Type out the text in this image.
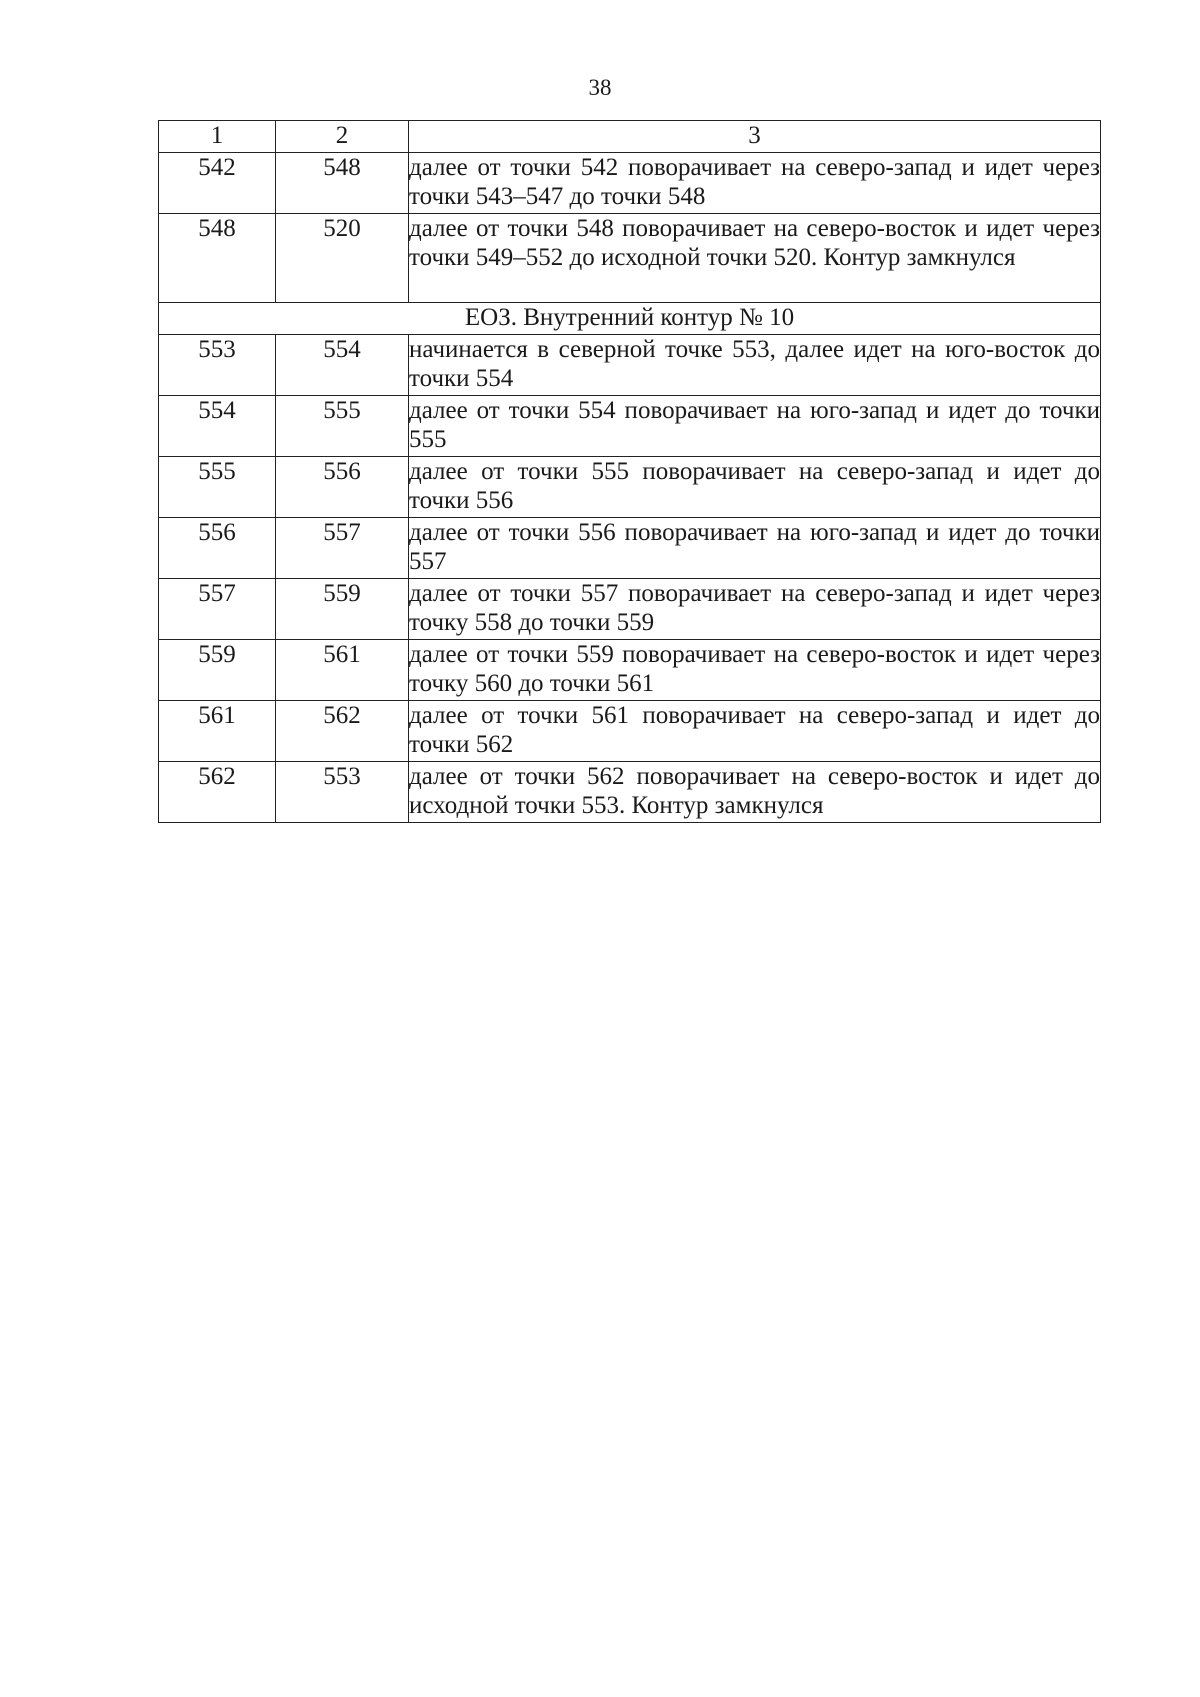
38
1	2	3
542	548	далее от точки 542 поворачивает на северо-запад и идет через точки 543–547 до точки 548
548	520	далее от точки 548 поворачивает на северо-восток и идет через точки 549–552 до исходной точки 520. Контур замкнулся
ЕОЗ. Внутренний контур № 10		
553	554	начинается в северной точке 553, далее идет на юго-восток до точки 554
554	555	далее от точки 554 поворачивает на юго-запад и идет до точки 555
555	556	далее от точки 555 поворачивает на северо-запад и идет до точки 556
556	557	далее от точки 556 поворачивает на юго-запад и идет до точки 557
557	559	далее от точки 557 поворачивает на северо-запад и идет через точку 558 до точки 559
559	561	далее от точки 559 поворачивает на северо-восток и идет через точку 560 до точки 561
561	562	далее от точки 561 поворачивает на северо-запад и идет до точки 562
562	553	далее от точки 562 поворачивает на северо-восток и идет до исходной точки 553. Контур замкнулся
